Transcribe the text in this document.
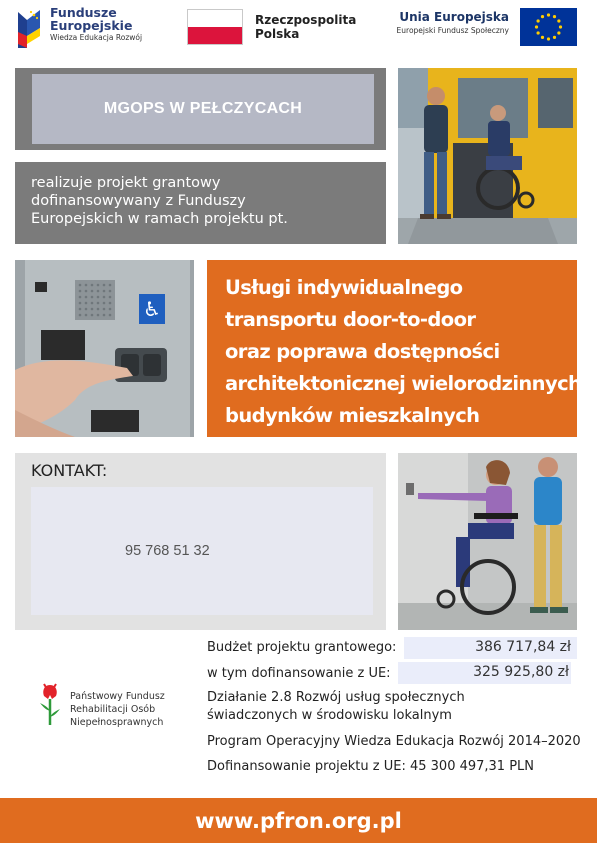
Fundusze
Europejskie
Wiedza Edukacja Rozwój
Rzeczpospolita
Polska
Unia Europejska
Europejski Fundusz Społeczny
MGOPS W PEŁCZYCACH
realizuje projekt grantowy
dofinansowywany z Funduszy
Europejskich w ramach projektu pt.
♿
Usługi indywidualnego
transportu door-to-door
oraz poprawa dostępności
architektonicznej wielorodzinnych
budynków mieszkalnych
KONTAKT:
95 768 51 32
Państwowy Fundusz
Rehabilitacji Osób
Niepełnosprawnych
Budżet projektu grantowego:	386 717,84 zł
w tym dofinansowanie z UE:	325 925,80 zł
Działanie 2.8 Rozwój usług społecznych
świadczonych w środowisku lokalnym
Program Operacyjny Wiedza Edukacja Rozwój 2014–2020
Dofinansowanie projektu z UE: 45 300 497,31 PLN
www.pfron.org.pl
